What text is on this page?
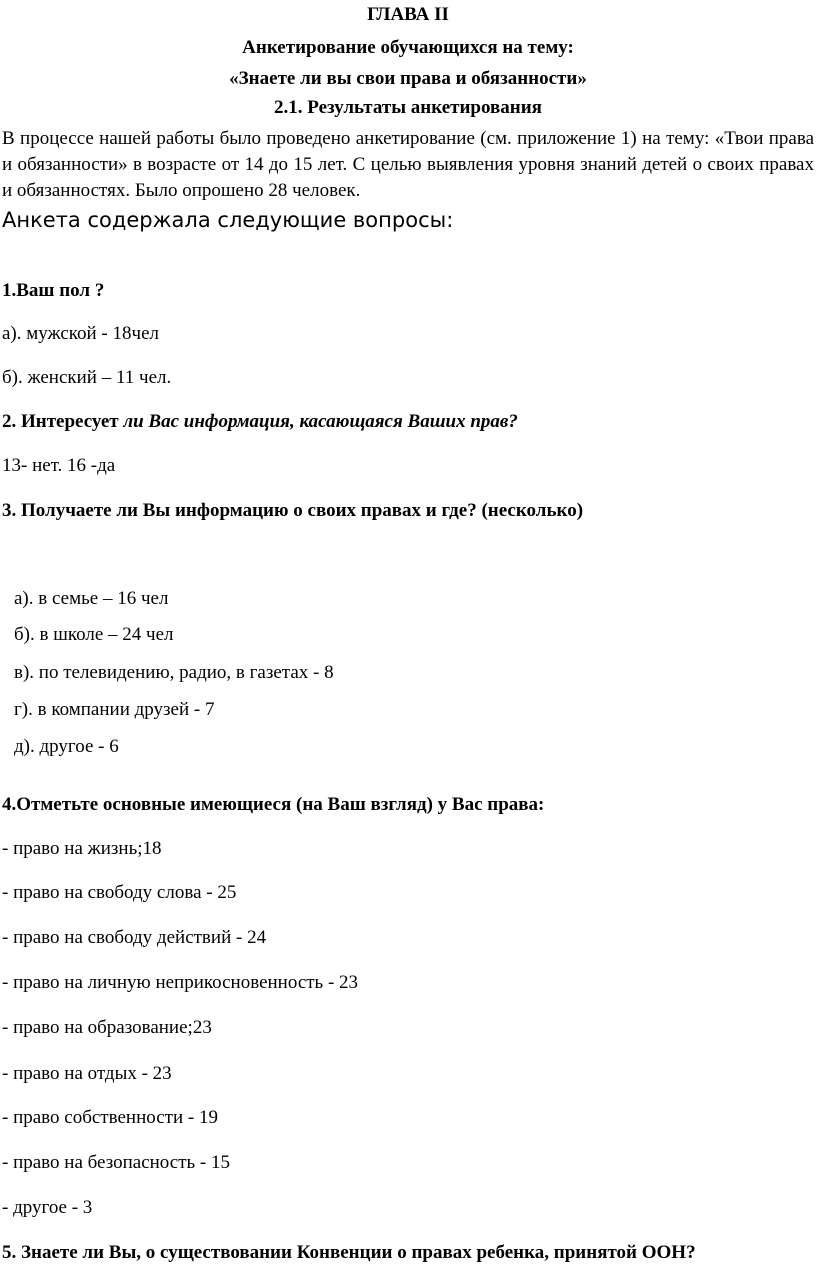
ГЛАВА II
Анкетирование обучающихся на тему:
«Знаете ли вы свои права и обязанности»
2.1. Результаты анкетирования
В процессе нашей работы было проведено анкетирование (см. приложение 1) на тему: «Твои права и обязанности» в возрасте от 14 до 15 лет. С целью выявления уровня знаний детей о своих правах и обязанностях. Было опрошено 28 человек.
Анкета содержала следующие вопросы:
1.Ваш пол ?
а). мужской - 18чел
б). женский – 11 чел.
2. Интересует ли Вас информация, касающаяся Ваших прав?
13- нет. 16 -да
3. Получаете ли Вы информацию о своих правах и где? (несколько)
а). в семье – 16 чел
б). в школе – 24 чел
в). по телевидению, радио, в газетах - 8
г). в компании друзей - 7
д). другое - 6
4.Отметьте основные имеющиеся (на Ваш взгляд) у Вас права:
- право на жизнь;18
- право на свободу слова - 25
- право на свободу действий - 24
- право на личную неприкосновенность - 23
- право на образование;23
- право на отдых - 23
- право собственности - 19
- право на безопасность - 15
- другое - 3
5. Знаете ли Вы, о существовании Конвенции о правах ребенка, принятой ООН?
